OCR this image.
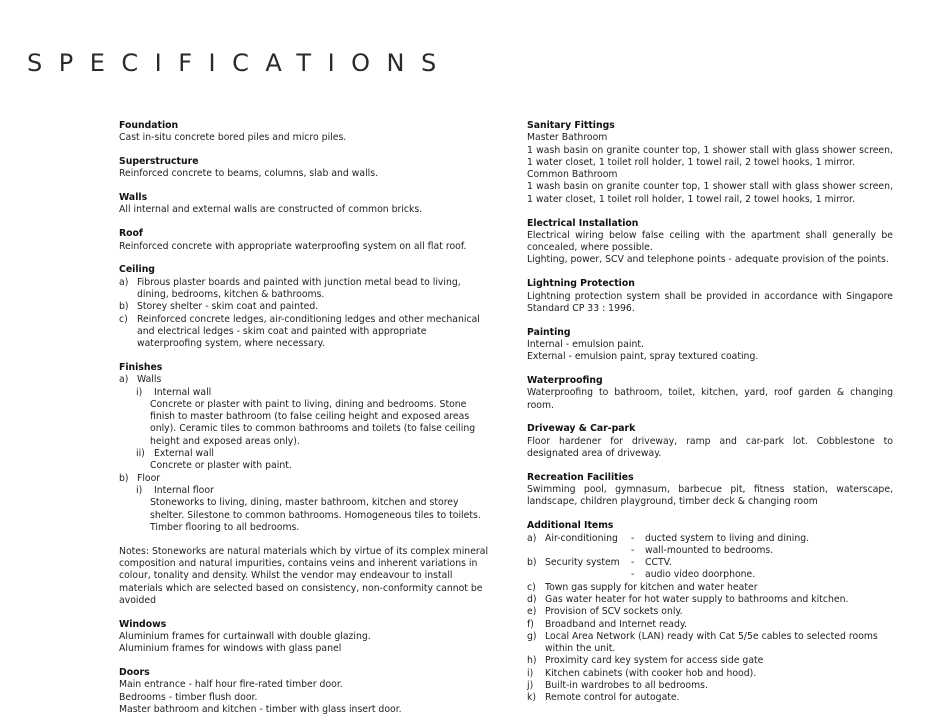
SPECIFICATIONS
Foundation

Cast in-situ concrete bored piles and micro piles.

Superstructure

Reinforced concrete to beams, columns, slab and walls.

Walls

All internal and external walls are constructed of common bricks.

Roof

Reinforced concrete with appropriate waterproofing system on all flat roof.

Ceiling
a) Fibrous plaster boards and painted with junction metal bead to living, dining, bedrooms, kitchen & bathrooms.
b) Storey shelter - skim coat and painted.
c) Reinforced concrete ledges, air-conditioning ledges and other mechanical and electrical ledges - skim coat and painted with appropriate waterproofing system, where necessary.
Finishes
a) Walls
i)	Internal wall

Concrete or plaster with paint to living, dining and bedrooms. Stone finish to master bathroom (to false ceiling height and exposed areas only). Ceramic tiles to common bathrooms and toilets (to false ceiling height and exposed areas only).

ii) External wall

Concrete or plaster with paint.

b) Floor
i)	Internal floor

Stoneworks to living, dining, master bathroom, kitchen and storey shelter. Silestone to common bathrooms. Homogeneous tiles to toilets. Timber flooring to all bedrooms.

Notes: Stoneworks are natural materials which by virtue of its complex mineral composition and natural impurities, contains veins and inherent variations in colour, tonality and density. Whilst the vendor may endeavour to install materials which are selected based on consistency, non-conformity cannot be avoided

Windows

Aluminium frames for curtainwall with double glazing.

Aluminium frames for windows with glass panel

Doors

Main entrance - half hour fire-rated timber door.

Bedrooms - timber flush door.

Master bathroom and kitchen - timber with glass insert door.

Sanitary Fittings

Master Bathroom

1 wash basin on granite counter top, 1 shower stall with glass shower screen, 1 water closet, 1 toilet roll holder, 1 towel rail, 2 towel hooks, 1 mirror.

Common Bathroom

1 wash basin on granite counter top, 1 shower stall with glass shower screen, 1 water closet, 1 toilet roll holder, 1 towel rail, 2 towel hooks, 1 mirror.

Electrical Installation

Electrical wiring below false ceiling with the apartment shall generally be concealed, where possible.

Lighting, power, SCV and telephone points - adequate provision of the points.

Lightning Protection

Lightning protection system shall be provided in accordance with Singapore Standard CP 33 : 1996.

Painting

Internal - emulsion paint.

External - emulsion paint, spray textured coating.

Waterproofing

Waterproofing to bathroom, toilet, kitchen, yard, roof garden & changing room.

Driveway & Car-park

Floor hardener for driveway, ramp and car-park lot. Cobblestone to designated area of driveway.

Recreation Facilities

Swimming pool, gymnasum, barbecue pit, fitness station, waterscape, landscape, children playground, timber deck & changing room

Additional Items
a) Air-conditioning	-	ducted system to living and dining.
-	wall-mounted to bedrooms.
b) Security system	-	CCTV.
-	audio video doorphone.
c) Town gas supply for kitchen and water heater
d) Gas water heater for hot water supply to bathrooms and kitchen.
e) Provision of SCV sockets only.
f)	Broadband and Internet ready.
g) Local Area Network (LAN) ready with Cat 5/5e cables to selected rooms within the unit.
h) Proximity card key system for access side gate
i)	Kitchen cabinets (with cooker hob and hood).
j)	Built-in wardrobes to all bedrooms.
k) Remote control for autogate.
